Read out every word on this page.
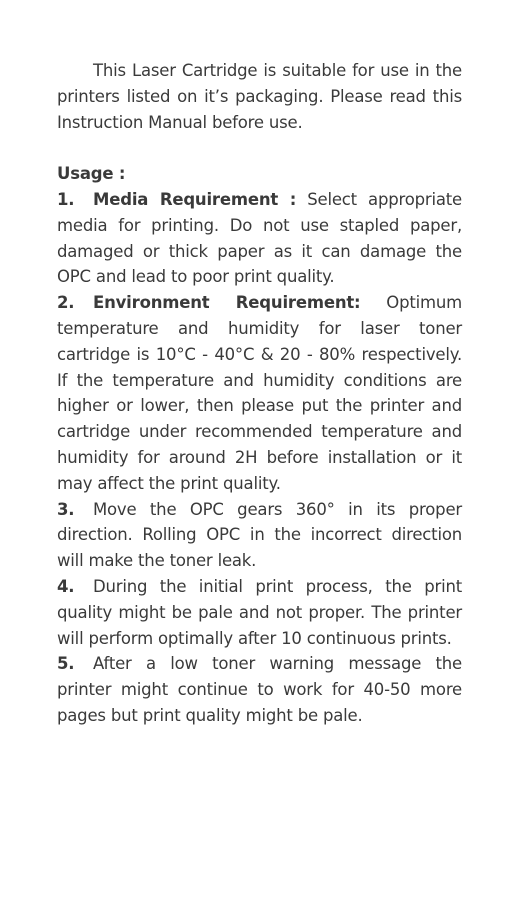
This Laser Cartridge is suitable for use in the printers listed on it’s packaging. Please read this Instruction Manual before use.

Usage :

1. Media Requirement : Select appropriate media for printing. Do not use stapled paper, damaged or thick paper as it can damage the OPC and lead to poor print quality.

2. Environment Requirement: Optimum temperature and humidity for laser toner cartridge is 10°C - 40°C & 20 - 80% respectively. If the temperature and humidity conditions are higher or lower, then please put the printer and cartridge under recommended temperature and humidity for around 2H before installation or it may affect the print quality.

3. Move the OPC gears 360° in its proper direction. Rolling OPC in the incorrect direction will make the toner leak.

4. During the initial print process, the print quality might be pale and not proper. The printer will perform optimally after 10 continuous prints.

5. After a low toner warning message the printer might continue to work for 40-50 more pages but print quality might be pale.
